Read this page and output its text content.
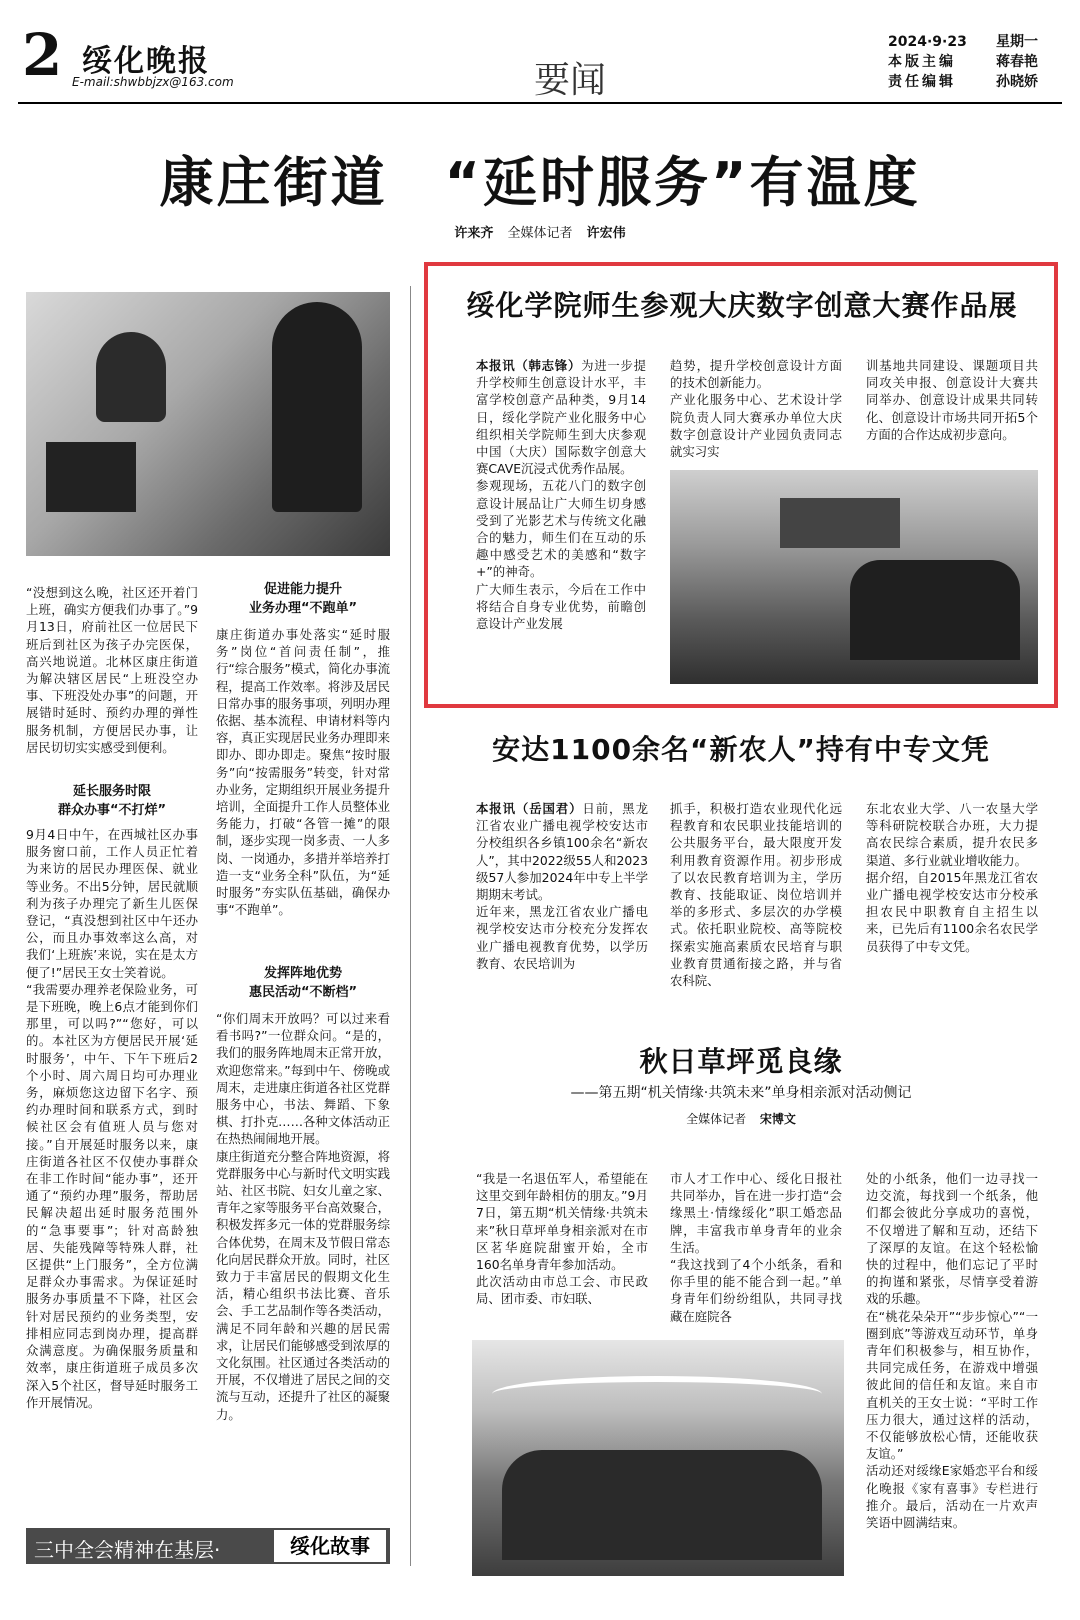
2 绥化晚报
E-mail:shwbbjzx@163.com	要闻
2024·9·23 星期一
本版主编	蒋春艳
责任编辑	孙晓娇
康庄街道　“延时服务”有温度
许来齐 全媒体记者 许宏伟
“没想到这么晚，社区还开着门上班，确实方便我们办事了。”9月13日，府前社区一位居民下班后到社区为孩子办完医保，高兴地说道。北林区康庄街道为解决辖区居民“上班没空办事、下班没处办事”的问题，开展错时延时、预约办理的弹性服务机制，方便居民办事，让居民切切实实感受到便利。
延长服务时限
群众办事“不打烊”
9月4日中午，在西城社区办事服务窗口前，工作人员正忙着为来访的居民办理医保、就业等业务。不出5分钟，居民就顺利为孩子办理完了新生儿医保登记，“真没想到社区中午还办公，而且办事效率这么高，对我们‘上班族’来说，实在是太方便了!”居民王女士笑着说。
“我需要办理养老保险业务，可是下班晚，晚上6点才能到你们那里，可以吗?”“您好，可以的。本社区为方便居民开展‘延时服务’，中午、下午下班后2个小时、周六周日均可办理业务，麻烦您这边留下名字、预约办理时间和联系方式，到时候社区会有值班人员与您对接。”自开展延时服务以来，康庄街道各社区不仅使办事群众在非工作时间“能办事”，还开通了“预约办理”服务，帮助居民解决超出延时服务范围外的“急事要事”；针对高龄独居、失能残障等特殊人群，社区提供“上门服务”，全方位满足群众办事需求。为保证延时服务办事质量不下降，社区会针对居民预约的业务类型，安排相应同志到岗办理，提高群众满意度。为确保服务质量和效率，康庄街道班子成员多次深入5个社区，督导延时服务工作开展情况。
促进能力提升
业务办理“不跑单”
康庄街道办事处落实“延时服务”岗位“首问责任制”，推行“综合服务”模式，简化办事流程，提高工作效率。将涉及居民日常办事的服务事项，列明办理依据、基本流程、申请材料等内容，真正实现居民业务办理即来即办、即办即走。聚焦“按时服务”向“按需服务”转变，针对常办业务，定期组织开展业务提升培训，全面提升工作人员整体业务能力，打破“各管一摊”的限制，逐步实现一岗多责、一人多岗、一岗通办，多措并举培养打造一支“业务全科”队伍，为“延时服务”夯实队伍基础，确保办事“不跑单”。
发挥阵地优势
惠民活动“不断档”
“你们周末开放吗？可以过来看看书吗?”一位群众问。“是的，我们的服务阵地周末正常开放，欢迎您常来。”每到中午、傍晚或周末，走进康庄街道各社区党群服务中心，书法、舞蹈、下象棋、打扑克……各种文体活动正在热热闹闹地开展。
康庄街道充分整合阵地资源，将党群服务中心与新时代文明实践站、社区书院、妇女儿童之家、青年之家等服务平台高效聚合，积极发挥多元一体的党群服务综合体优势，在周末及节假日常态化向居民群众开放。同时，社区致力于丰富居民的假期文化生活，精心组织书法比赛、音乐会、手工艺品制作等各类活动，满足不同年龄和兴趣的居民需求，让居民们能够感受到浓厚的文化氛围。社区通过各类活动的开展，不仅增进了居民之间的交流与互动，还提升了社区的凝聚力。
绥化学院师生参观大庆数字创意大赛作品展
本报讯（韩志锋）为进一步提升学校师生创意设计水平，丰富学校创意产品种类，9月14日，绥化学院产业化服务中心组织相关学院师生到大庆参观中国（大庆）国际数字创意大赛CAVE沉浸式优秀作品展。
参观现场，五花八门的数字创意设计展品让广大师生切身感受到了光影艺术与传统文化融合的魅力，师生们在互动的乐趣中感受艺术的美感和“数字+”的神奇。
广大师生表示，今后在工作中将结合自身专业优势，前瞻创意设计产业发展
趋势，提升学校创意设计方面的技术创新能力。
产业化服务中心、艺术设计学院负责人同大赛承办单位大庆数字创意设计产业园负责同志就实习实
训基地共同建设、课题项目共同攻关申报、创意设计大赛共同举办、创意设计成果共同转化、创意设计市场共同开拓5个方面的合作达成初步意向。
安达1100余名“新农人”持有中专文凭
本报讯（岳国君）日前，黑龙江省农业广播电视学校安达市分校组织各乡镇100余名“新农人”，其中2022级55人和2023级57人参加2024年中专上半学期期末考试。
近年来，黑龙江省农业广播电视学校安达市分校充分发挥农业广播电视教育优势，以学历教育、农民培训为
抓手，积极打造农业现代化远程教育和农民职业技能培训的公共服务平台，最大限度开发利用教育资源作用。初步形成了以农民教育培训为主，学历教育、技能取证、岗位培训并举的多形式、多层次的办学模式。依托职业院校、高等院校探索实施高素质农民培育与职业教育贯通衔接之路，并与省农科院、
东北农业大学、八一农垦大学等科研院校联合办班，大力提高农民综合素质，提升农民多渠道、多行业就业增收能力。
据介绍，自2015年黑龙江省农业广播电视学校安达市分校承担农民中职教育自主招生以来，已先后有1100余名农民学员获得了中专文凭。
秋日草坪觅良缘
——第五期“机关情缘·共筑未来”单身相亲派对活动侧记
全媒体记者 宋博文
“我是一名退伍军人，希望能在这里交到年龄相仿的朋友。”9月7日，第五期“机关情缘·共筑未来”秋日草坪单身相亲派对在市区茗华庭院甜蜜开始，全市160名单身青年参加活动。
此次活动由市总工会、市民政局、团市委、市妇联、
市人才工作中心、绥化日报社共同举办，旨在进一步打造“会缘黑土·情缘绥化”职工婚恋品牌，丰富我市单身青年的业余生活。
“我这找到了4个小纸条，看和你手里的能不能合到一起。”单身青年们纷纷组队，共同寻找藏在庭院各
处的小纸条，他们一边寻找一边交流，每找到一个纸条，他们都会彼此分享成功的喜悦，不仅增进了解和互动，还结下了深厚的友谊。在这个轻松愉快的过程中，他们忘记了平时的拘谨和紧张，尽情享受着游戏的乐趣。
在“桃花朵朵开”“步步惊心”“一圈到底”等游戏互动环节，单身青年们积极参与，相互协作，共同完成任务，在游戏中增强彼此间的信任和友谊。来自市直机关的王女士说：“平时工作压力很大，通过这样的活动，不仅能够放松心情，还能收获友谊。”
活动还对绥缘E家婚恋平台和绥化晚报《家有喜事》专栏进行推介。最后，活动在一片欢声笑语中圆满结束。
三中全会精神在基层·	绥化故事
